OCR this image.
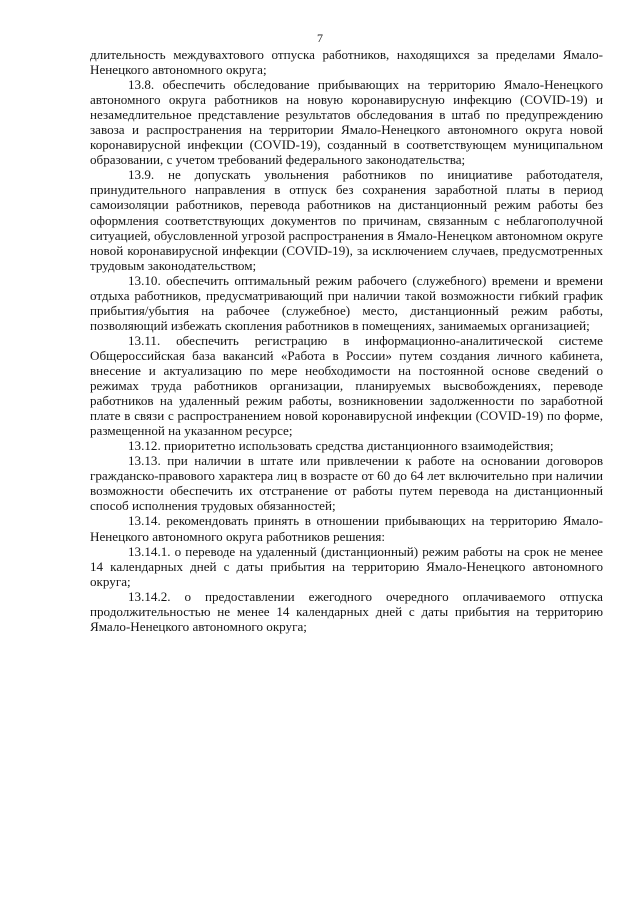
7

длительность междувахтового отпуска работников, находящихся за пределами Ямало-Ненецкого автономного округа;

13.8. обеспечить обследование прибывающих на территорию Ямало-Ненецкого автономного округа работников на новую коронавирусную инфекцию (COVID-19) и незамедлительное представление результатов обследования в штаб по предупреждению завоза и распространения на территории Ямало-Ненецкого автономного округа новой коронавирусной инфекции (COVID-19), созданный в соответствующем муниципальном образовании, с учетом требований федерального законодательства;

13.9. не допускать увольнения работников по инициативе работодателя, принудительного направления в отпуск без сохранения заработной платы в период самоизоляции работников, перевода работников на дистанционный режим работы без оформления соответствующих документов по причинам, связанным с неблагополучной ситуацией, обусловленной угрозой распространения в Ямало-Ненецком автономном округе новой коронавирусной инфекции (COVID-19), за исключением случаев, предусмотренных трудовым законодательством;

13.10. обеспечить оптимальный режим рабочего (служебного) времени и времени отдыха работников, предусматривающий при наличии такой возможности гибкий график прибытия/убытия на рабочее (служебное) место, дистанционный режим работы, позволяющий избежать скопления работников в помещениях, занимаемых организацией;

13.11. обеспечить регистрацию в информационно-аналитической системе Общероссийская база вакансий «Работа в России» путем создания личного кабинета, внесение и актуализацию по мере необходимости на постоянной основе сведений о режимах труда работников организации, планируемых высвобождениях, переводе работников на удаленный режим работы, возникновении задолженности по заработной плате в связи с распространением новой коронавирусной инфекции (COVID-19) по форме, размещенной на указанном ресурсе;

13.12. приоритетно использовать средства дистанционного взаимодействия;

13.13. при наличии в штате или привлечении к работе на основании договоров гражданско-правового характера лиц в возрасте от 60 до 64 лет включительно при наличии возможности обеспечить их отстранение от работы путем перевода на дистанционный способ исполнения трудовых обязанностей;

13.14. рекомендовать принять в отношении прибывающих на территорию Ямало-Ненецкого автономного округа работников решения:

13.14.1. о переводе на удаленный (дистанционный) режим работы на срок не менее 14 календарных дней с даты прибытия на территорию Ямало-Ненецкого автономного округа;

13.14.2. о предоставлении ежегодного очередного оплачиваемого отпуска продолжительностью не менее 14 календарных дней с даты прибытия на территорию Ямало-Ненецкого автономного округа;
